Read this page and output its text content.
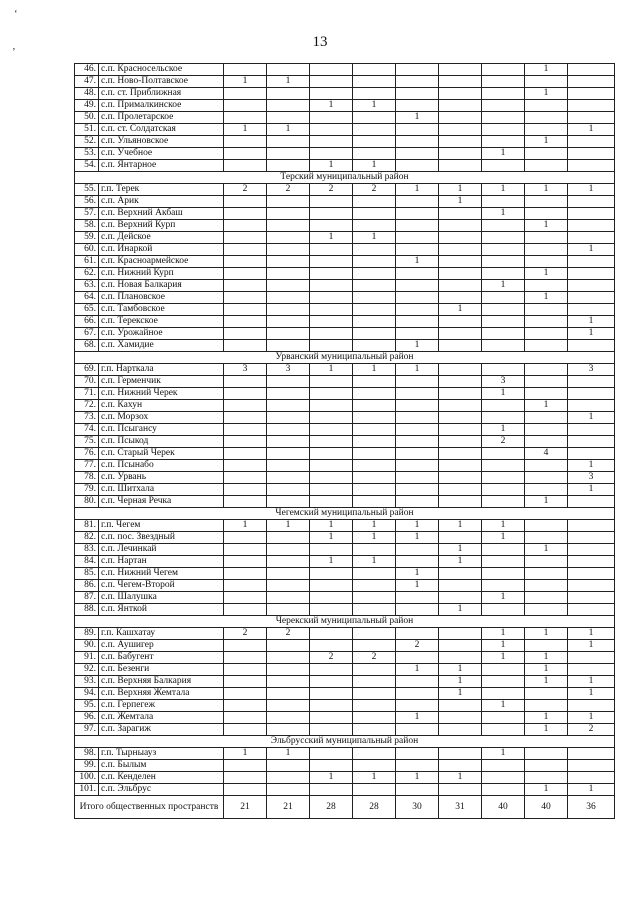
13
‘
’
46.	с.п. Красносельское								1	
47.	с.п. Ново-Полтавское	1	1							
48.	с.п. ст. Приближная								1	
49.	с.п. Прималкинское			1	1					
50.	с.п. Пролетарское					1				
51.	с.п. ст. Солдатская	1	1							1
52.	с.п. Ульяновское								1	
53.	с.п. Учебное							1		
54.	с.п. Янтарное			1	1					
Терский муниципальный район										
55.	г.п. Терек	2	2	2	2	1	1	1	1	1
56.	с.п. Арик						1			
57.	с.п. Верхний Акбаш							1		
58.	с.п. Верхний Курп								1	
59.	с.п. Дейское			1	1					
60.	с.п. Инаркой									1
61.	с.п. Красноармейское					1				
62.	с.п. Нижний Курп								1	
63.	с.п. Новая Балкария							1		
64.	с.п. Плановское								1	
65.	с.п. Тамбовское						1			
66.	с.п. Терекское									1
67.	с.п. Урожайное									1
68.	с.п. Хамидие					1				
Урванский муниципальный район										
69.	г.п. Нарткала	3	3	1	1	1				3
70.	с.п. Герменчик							3		
71.	с.п. Нижний Черек							1		
72.	с.п. Кахун								1	
73.	с.п. Морзох									1
74.	с.п. Псыгансу							1		
75.	с.п. Псыкод							2		
76.	с.п. Старый Черек								4	
77.	с.п. Псынабо									1
78.	с.п. Урвань									3
79.	с.п. Шитхала									1
80.	с.п. Черная Речка								1	
Чегемский муниципальный район										
81.	г.п. Чегем	1	1	1	1	1	1	1		
82.	с.п. пос. Звездный			1	1	1		1		
83.	с.п. Лечинкай						1		1	
84.	с.п. Нартан			1	1		1			
85.	с.п. Нижний Чегем					1				
86.	с.п. Чегем-Второй					1				
87.	с.п. Шалушка							1		
88.	с.п. Янткой						1			
Черекский муниципальный район										
89.	г.п. Кашхатау	2	2					1	1	1
90.	с.п. Аушигер					2		1		1
91.	с.п. Бабугент			2	2			1	1	
92.	с.п. Безенги					1	1		1	
93.	с.п. Верхняя Балкария						1		1	1
94.	с.п. Верхняя Жемтала						1			1
95.	с.п. Герпегеж							1		
96.	с.п. Жемтала					1			1	1
97.	с.п. Зарагиж								1	2
Эльбрусский муниципальный район										
98.	г.п. Тырныауз	1	1					1		
99.	с.п. Былым									
100.	с.п. Кенделен			1	1	1	1			
101.	с.п. Эльбрус								1	1
Итого общественных пространств		21	21	28	28	30	31	40	40	36
